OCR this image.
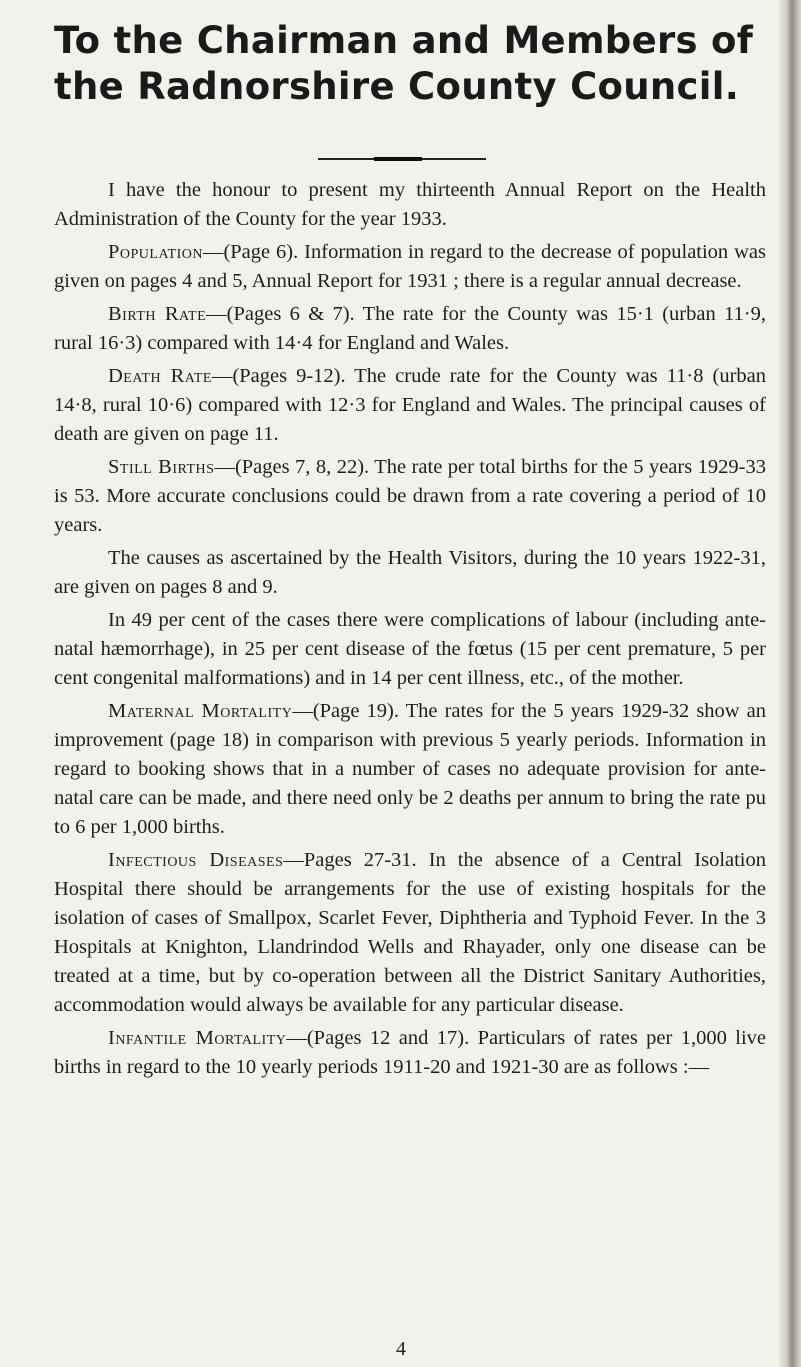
To the Chairman and Members of
the Radnorshire County Council.

I have the honour to present my thirteenth Annual Report on the Health Administration of the County for the year 1933.

Population—(Page 6). Information in regard to the decrease of population was given on pages 4 and 5, Annual Report for 1931 ; there is a regular annual decrease.

Birth Rate—(Pages 6 & 7). The rate for the County was 15·1 (urban 11·9, rural 16·3) compared with 14·4 for England and Wales.

Death Rate—(Pages 9-12). The crude rate for the County was 11·8 (urban 14·8, rural 10·6) compared with 12·3 for England and Wales. The principal causes of death are given on page 11.

Still Births—(Pages 7, 8, 22). The rate per total births for the 5 years 1929-33 is 53. More accurate conclusions could be drawn from a rate covering a period of 10 years.

The causes as ascertained by the Health Visitors, during the 10 years 1922-31, are given on pages 8 and 9.

In 49 per cent of the cases there were complications of labour (including ante-natal hæmorrhage), in 25 per cent disease of the fœtus (15 per cent premature, 5 per cent congenital malformations) and in 14 per cent illness, etc., of the mother.

Maternal Mortality—(Page 19). The rates for the 5 years 1929-32 show an improvement (page 18) in comparison with previous 5 yearly periods. Information in regard to booking shows that in a number of cases no adequate provision for ante-natal care can be made, and there need only be 2 deaths per annum to bring the rate pu to 6 per 1,000 births.

Infectious Diseases—Pages 27-31. In the absence of a Central Isolation Hospital there should be arrangements for the use of existing hospitals for the isolation of cases of Smallpox, Scarlet Fever, Diphtheria and Typhoid Fever. In the 3 Hospitals at Knighton, Llandrindod Wells and Rhayader, only one disease can be treated at a time, but by co-operation between all the District Sanitary Authorities, accommodation would always be available for any particular disease.

Infantile Mortality—(Pages 12 and 17). Particulars of rates per 1,000 live births in regard to the 10 yearly periods 1911-20 and 1921-30 are as follows :—

4
